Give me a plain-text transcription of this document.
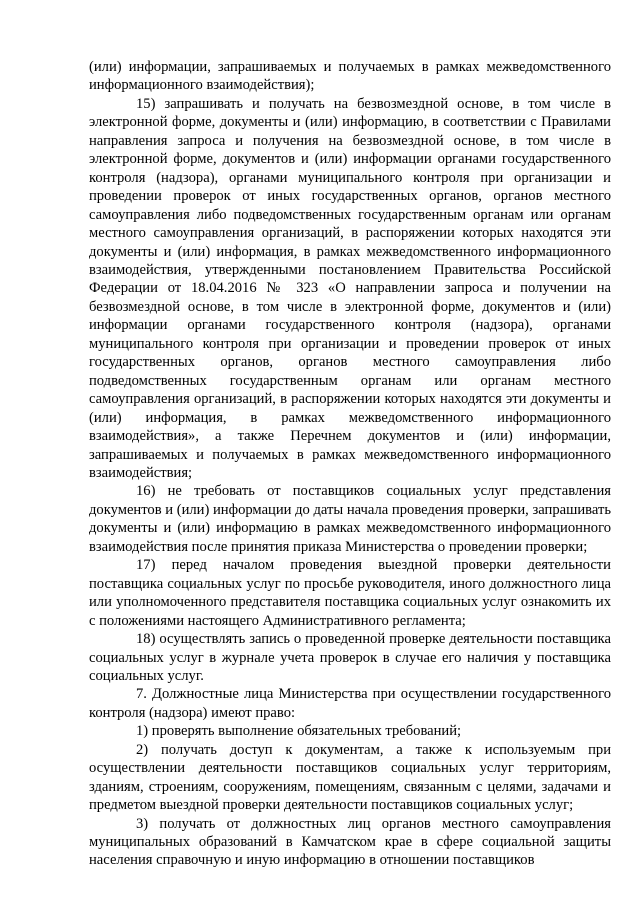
(или) информации, запрашиваемых и получаемых в рамках межведомственного информационного взаимодействия);

15) запрашивать и получать на безвозмездной основе, в том числе в электронной форме, документы и (или) информацию, в соответствии с Правилами направления запроса и получения на безвозмездной основе, в том числе в электронной форме, документов и (или) информации органами государственного контроля (надзора), органами муниципального контроля при организации и проведении проверок от иных государственных органов, органов местного самоуправления либо подведомственных государственным органам или органам местного самоуправления организаций, в распоряжении которых находятся эти документы и (или) информация, в рамках межведомственного информационного взаимодействия, утвержденными постановлением Правительства Российской Федерации от 18.04.2016 № 323 «О направлении запроса и получении на безвозмездной основе, в том числе в электронной форме, документов и (или) информации органами государственного контроля (надзора), органами муниципального контроля при организации и проведении проверок от иных государственных органов, органов местного самоуправления либо подведомственных государственным органам или органам местного самоуправления организаций, в распоряжении которых находятся эти документы и (или) информация, в рамках межведомственного информационного взаимодействия», а также Перечнем документов и (или) информации, запрашиваемых и получаемых в рамках межведомственного информационного взаимодействия;

16) не требовать от поставщиков социальных услуг представления документов и (или) информации до даты начала проведения проверки, запрашивать документы и (или) информацию в рамках межведомственного информационного взаимодействия после принятия приказа Министерства о проведении проверки;

17) перед началом проведения выездной проверки деятельности поставщика социальных услуг по просьбе руководителя, иного должностного лица или уполномоченного представителя поставщика социальных услуг ознакомить их с положениями настоящего Административного регламента;

18) осуществлять запись о проведенной проверке деятельности поставщика социальных услуг в журнале учета проверок в случае его наличия у поставщика социальных услуг.

7. Должностные лица Министерства при осуществлении государственного контроля (надзора) имеют право:

1) проверять выполнение обязательных требований;

2) получать доступ к документам, а также к используемым при осуществлении деятельности поставщиков социальных услуг территориям, зданиям, строениям, сооружениям, помещениям, связанным с целями, задачами и предметом выездной проверки деятельности поставщиков социальных услуг;

3) получать от должностных лиц органов местного самоуправления муниципальных образований в Камчатском крае в сфере социальной защиты населения справочную и иную информацию в отношении поставщиков
